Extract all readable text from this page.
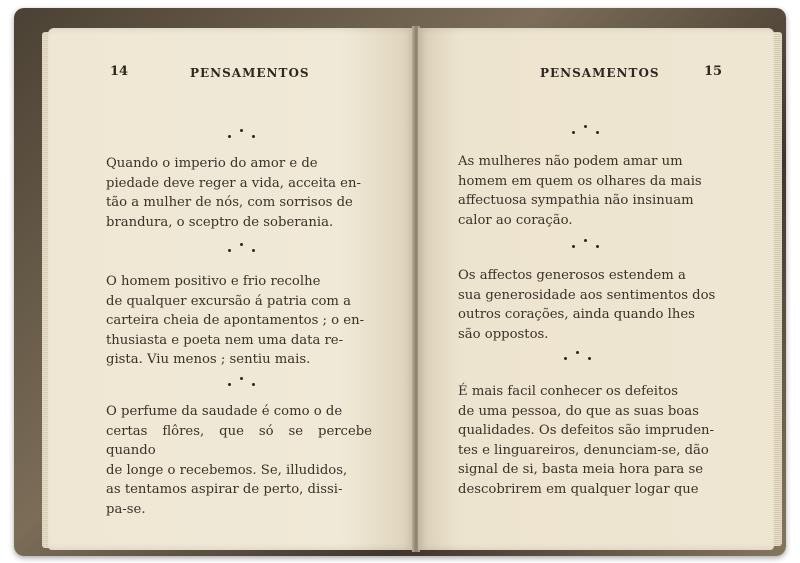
14	PENSAMENTOS
Quando o imperio do amor e de
piedade deve reger a vida, acceita en-
tão a mulher de nós, com sorrisos de
brandura, o sceptro de soberania.
O homem positivo e frio recolhe
de qualquer excursão á patria com a
carteira cheia de apontamentos ; o en-
thusiasta e poeta nem uma data re-
gista. Viu menos ; sentiu mais.
O perfume da saudade é como o de
certas flôres, que só se percebe quando
de longe o recebemos. Se, illudidos,
as tentamos aspirar de perto, dissi-
pa-se.
15
PENSAMENTOS
As mulheres não podem amar um
homem em quem os olhares da mais
affectuosa sympathia não insinuam
calor ao coração.
Os affectos generosos estendem a
sua generosidade aos sentimentos dos
outros corações, ainda quando lhes
são oppostos.
É mais facil conhecer os defeitos
de uma pessoa, do que as suas boas
qualidades. Os defeitos são impruden-
tes e linguareiros, denunciam-se, dão
signal de si, basta meia hora para se
descobrirem em qualquer logar que
